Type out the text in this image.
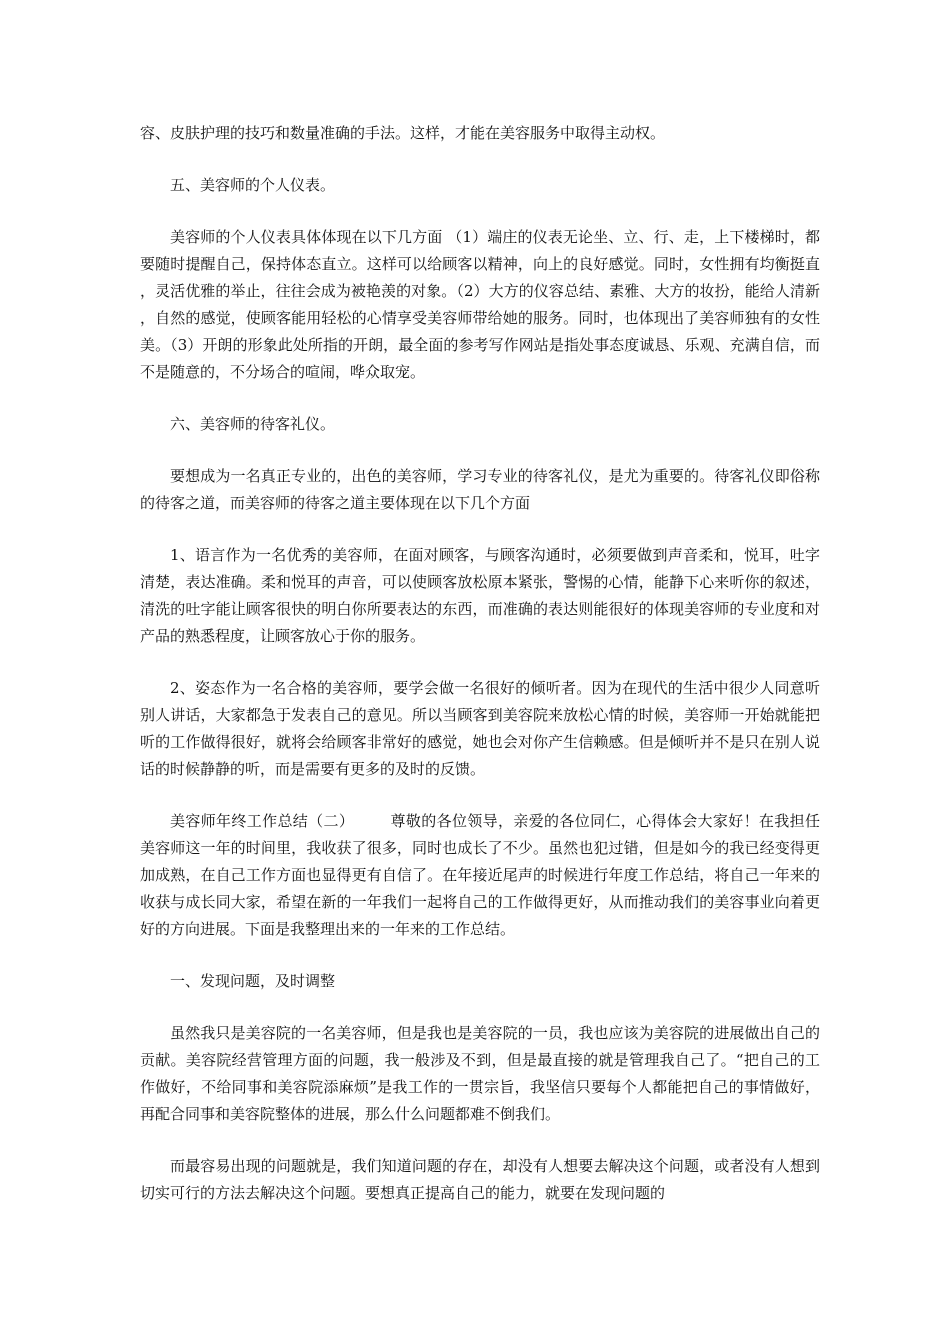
容、皮肤护理的技巧和数量准确的手法。这样，才能在美容服务中取得主动权。

五、美容师的个人仪表。

美容师的个人仪表具体体现在以下几方面 （1）端庄的仪表无论坐、立、行、走，上下楼梯时，都要随时提醒自己，保持体态直立。这样可以给顾客以精神，向上的良好感觉。同时，女性拥有均衡挺直，灵活优雅的举止，往往会成为被艳羡的对象。（2）大方的仪容总结、素雅、大方的妆扮，能给人清新，自然的感觉，使顾客能用轻松的心情享受美容师带给她的服务。同时，也体现出了美容师独有的女性美。（3）开朗的形象此处所指的开朗，最全面的参考写作网站是指处事态度诚恳、乐观、充满自信，而不是随意的，不分场合的喧闹，哗众取宠。

六、美容师的待客礼仪。

要想成为一名真正专业的，出色的美容师，学习专业的待客礼仪，是尤为重要的。待客礼仪即俗称的待客之道，而美容师的待客之道主要体现在以下几个方面

1、语言作为一名优秀的美容师，在面对顾客，与顾客沟通时，必须要做到声音柔和，悦耳，吐字清楚，表达准确。柔和悦耳的声音，可以使顾客放松原本紧张，警惕的心情，能静下心来听你的叙述，清洗的吐字能让顾客很快的明白你所要表达的东西，而准确的表达则能很好的体现美容师的专业度和对产品的熟悉程度，让顾客放心于你的服务。

2、姿态作为一名合格的美容师，要学会做一名很好的倾听者。因为在现代的生活中很少人同意听别人讲话，大家都急于发表自己的意见。所以当顾客到美容院来放松心情的时候，美容师一开始就能把听的工作做得很好，就将会给顾客非常好的感觉，她也会对你产生信赖感。但是倾听并不是只在别人说话的时候静静的听，而是需要有更多的及时的反馈。

美容师年终工作总结（二） 尊敬的各位领导，亲爱的各位同仁，心得体会大家好！在我担任美容师这一年的时间里，我收获了很多，同时也成长了不少。虽然也犯过错，但是如今的我已经变得更加成熟，在自己工作方面也显得更有自信了。在年接近尾声的时候进行年度工作总结，将自己一年来的收获与成长同大家，希望在新的一年我们一起将自己的工作做得更好，从而推动我们的美容事业向着更好的方向进展。下面是我整理出来的一年来的工作总结。

一、发现问题，及时调整

虽然我只是美容院的一名美容师，但是我也是美容院的一员，我也应该为美容院的进展做出自己的贡献。美容院经营管理方面的问题，我一般涉及不到，但是最直接的就是管理我自己了。“把自己的工作做好，不给同事和美容院添麻烦”是我工作的一贯宗旨，我坚信只要每个人都能把自己的事情做好，再配合同事和美容院整体的进展，那么什么问题都难不倒我们。

而最容易出现的问题就是，我们知道问题的存在，却没有人想要去解决这个问题，或者没有人想到切实可行的方法去解决这个问题。要想真正提高自己的能力，就要在发现问题的
